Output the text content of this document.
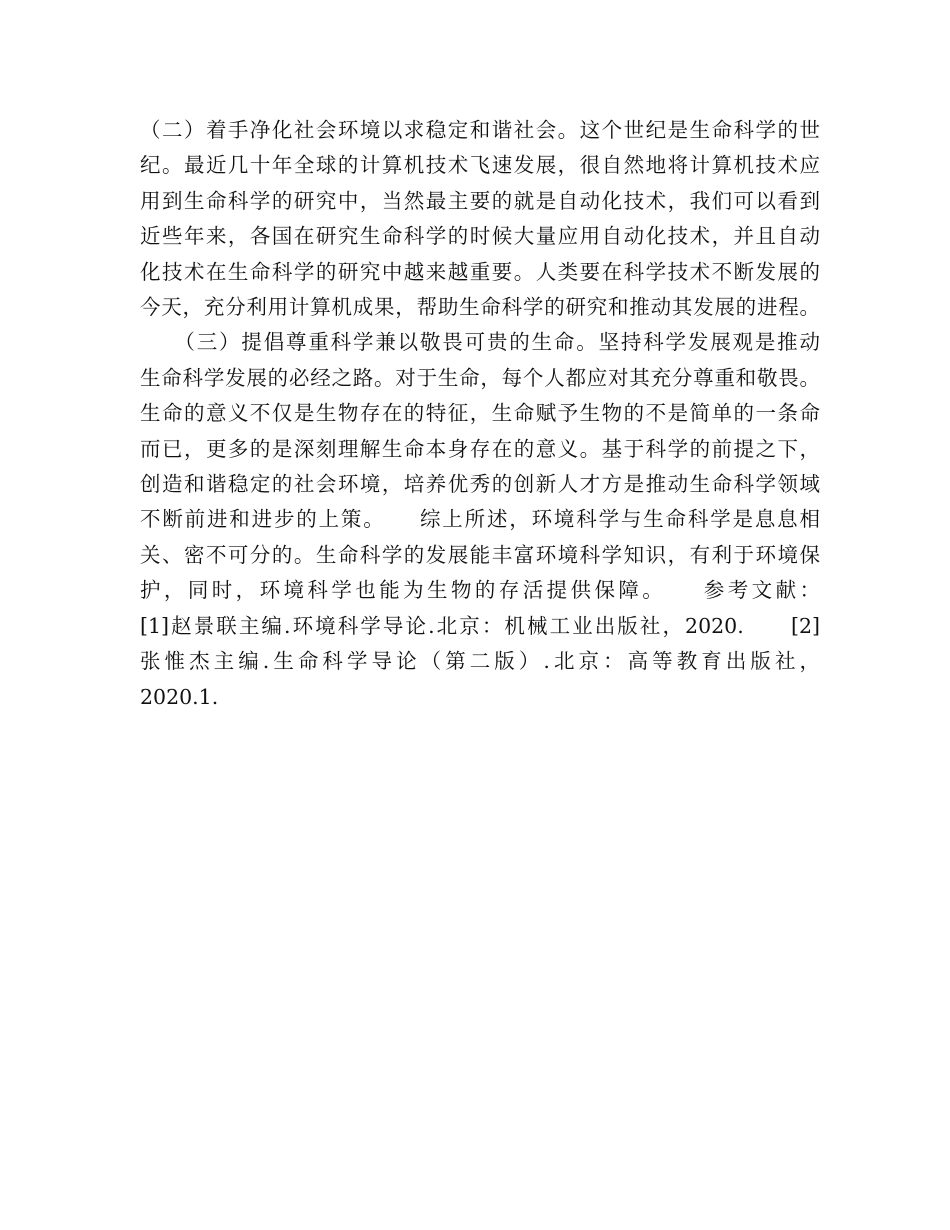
（二）着手净化社会环境以求稳定和谐社会。这个世纪是生命科学的世
纪。最近几十年全球的计算机技术飞速发展，很自然地将计算机技术应
用到生命科学的研究中，当然最主要的就是自动化技术，我们可以看到
近些年来，各国在研究生命科学的时候大量应用自动化技术，并且自动
化技术在生命科学的研究中越来越重要。人类要在科学技术不断发展的
今天，充分利用计算机成果，帮助生命科学的研究和推动其发展的进程。
　　（三）提倡尊重科学兼以敬畏可贵的生命。坚持科学发展观是推动
生命科学发展的必经之路。对于生命，每个人都应对其充分尊重和敬畏。
生命的意义不仅是生物存在的特征，生命赋予生物的不是简单的一条命
而已，更多的是深刻理解生命本身存在的意义。基于科学的前提之下，
创造和谐稳定的社会环境，培养优秀的创新人才方是推动生命科学领域
不断前进和进步的上策。　　综上所述，环境科学与生命科学是息息相
关、密不可分的。生命科学的发展能丰富环境科学知识，有利于环境保
护，同时，环境科学也能为生物的存活提供保障。　　参考文献：
[1]赵景联主编.环境科学导论.北京：机械工业出版社，2020.　　[2]
张惟杰主编.生命科学导论（第二版）.北京：高等教育出版社，
2020.1.
